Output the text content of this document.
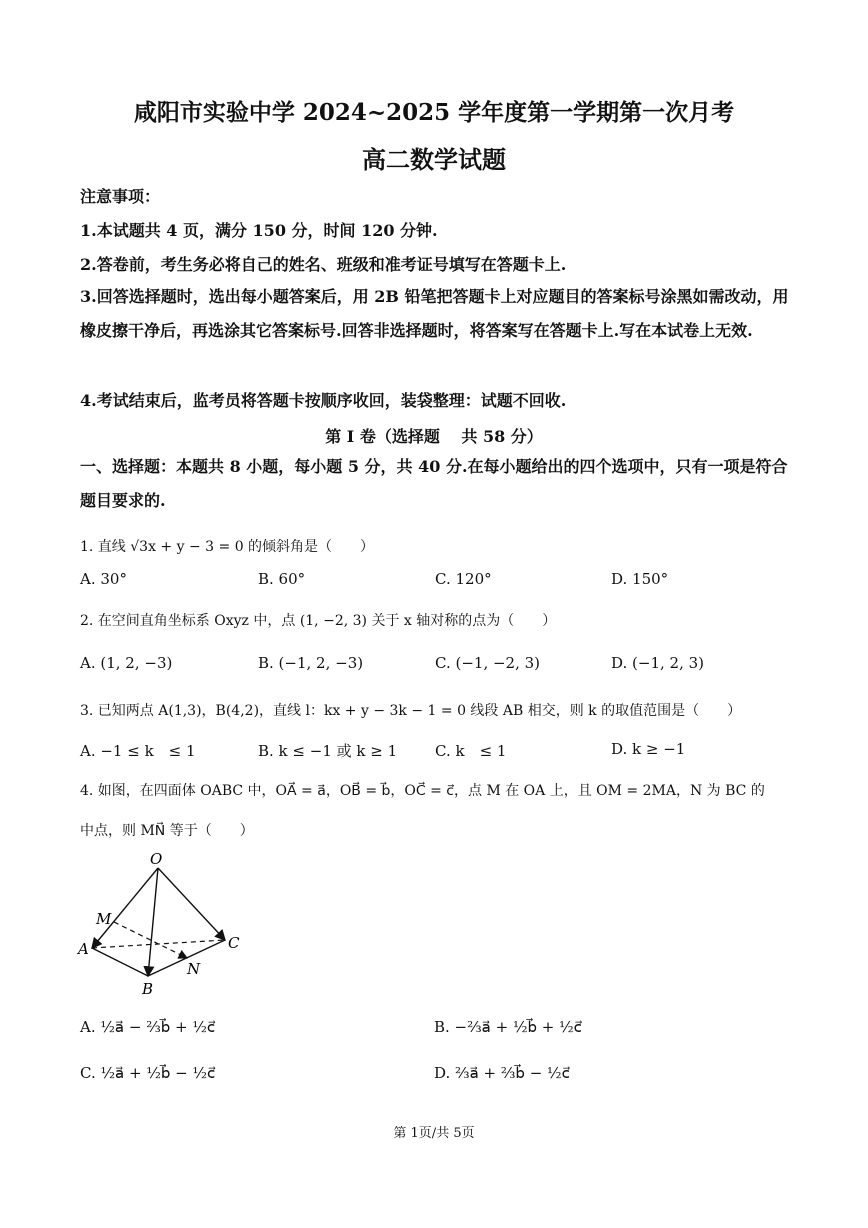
咸阳市实验中学 2024~2025 学年度第一学期第一次月考
高二数学试题
注意事项：
1.本试题共 4 页，满分 150 分，时间 120 分钟.
2.答卷前，考生务必将自己的姓名、班级和准考证号填写在答题卡上.
3.回答选择题时，选出每小题答案后，用 2B 铅笔把答题卡上对应题目的答案标号涂黑如需改动，用橡皮擦干净后，再选涂其它答案标号.回答非选择题时，将答案写在答题卡上.写在本试卷上无效.
4.考试结束后，监考员将答题卡按顺序收回，装袋整理：试题不回收.
第 I 卷（选择题　 共 58 分）
一、选择题：本题共 8 小题，每小题 5 分，共 40 分.在每小题给出的四个选项中，只有一项是符合题目要求的.
1. 直线 √3x + y − 3 = 0 的倾斜角是（　　）
A. 30°	B. 60°	C. 120°	D. 150°
2. 在空间直角坐标系 Oxyz 中，点 (1, −2, 3) 关于 x 轴对称的点为（　　）
A. (1, 2, −3)	B. (−1, 2, −3)	C. (−1, −2, 3)	D. (−1, 2, 3)
3. 已知两点 A(1,3)，B(4,2)，直线 l：kx + y − 3k − 1 = 0 线段 AB 相交，则 k 的取值范围是（　　）
A. −1 ≤ k　≤ 1	B. k ≤ −1 或 k ≥ 1	C. k　≤ 1	D. k ≥ −1
4. 如图，在四面体 OABC 中，OA⃗ = a⃗，OB⃗ = b⃗，OC⃗ = c⃗，点 M 在 OA 上，且 OM = 2MA，N 为 BC 的
中点，则 MN⃗ 等于（　　）
O
M
A
B
C
N
A. ½a⃗ − ⅔b⃗ + ½c⃗	B. −⅔a⃗ + ½b⃗ + ½c⃗
C. ½a⃗ + ½b⃗ − ½c⃗	D. ⅔a⃗ + ⅔b⃗ − ½c⃗
第 1页/共 5页
